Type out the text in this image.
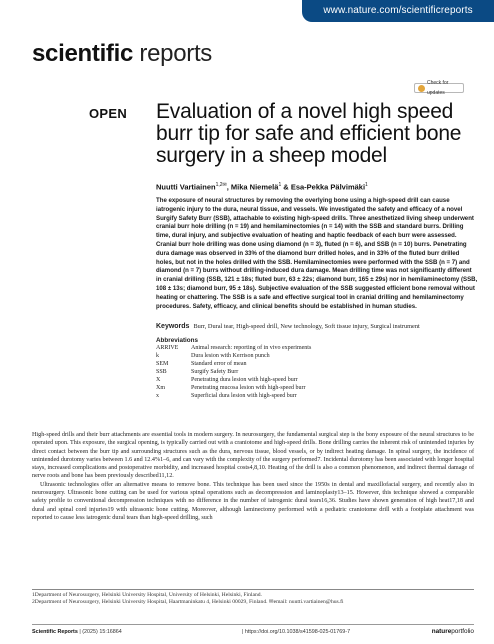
www.nature.com/scientificreports
scientific reports
Check for updates
OPEN Evaluation of a novel high speed burr tip for safe and efficient bone surgery in a sheep model
Nuutti Vartiainen$^{1,2✉}$, Mika Niemelä$^1$ & Esa-Pekka Pälvimäki$^1$

The exposure of neural structures by removing the overlying bone using a high-speed drill can cause iatrogenic injury to the dura, neural tissue, and vessels. We investigated the safety and efficacy of a novel Surgify Safety Burr (SSB), attachable to existing high-speed drills. Three anesthetized living sheep underwent cranial burr hole drilling (n = 19) and hemilaminectomies (n = 14) with the SSB and standard burrs. Drilling time, dural injury, and subjective evaluation of heating and haptic feedback of each burr were assessed. Cranial burr hole drilling was done using diamond (n = 3), fluted (n = 6), and SSB (n = 10) burrs. Penetrating dura damage was observed in 33% of the diamond burr drilled holes, and in 33% of the fluted burr drilled holes, but not in the holes drilled with the SSB. Hemilaminectomies were performed with the SSB (n = 7) and diamond (n = 7) burrs without drilling-induced dura damage. Mean drilling time was not significantly different in cranial drilling (SSB, 121 ± 18s; fluted burr, 63 ± 22s; diamond burr, 165 ± 29s) nor in hemilaminectomy (SSB, 108 ± 13s; diamond burr, 95 ± 18s). Subjective evaluation of the SSB suggested efficient bone removal without heating or chattering. The SSB is a safe and effective surgical tool in cranial drilling and hemilaminectomy procedures. Safety, efficacy, and clinical benefits should be established in human studies.

Keywords Burr, Dural tear, High-speed drill, New technology, Soft tissue injury, Surgical instrument
Abbreviations
ARRIVE	Animal research: reporting of in vivo experiments
k	Dura lesion with Kerrison punch
SEM	Standard error of mean
SSB	Surgify Safety Burr
X	Penetrating dura lesion with high-speed burr
Xm	Penetrating mucosa lesion with high-speed burr
x	Superficial dura lesion with high-speed burr

High-speed drills and their burr attachments are essential tools in modern surgery. In neurosurgery, the fundamental surgical step is the bony exposure of the neural structures to be operated upon. This exposure, the surgical opening, is typically carried out with a craniotome and high-speed drills. Bone drilling carries the inherent risk of unintended injuries by direct contact between the burr tip and surrounding structures such as the dura, nervous tissue, blood vessels, or by indirect heating damage. In spinal surgery, the incidence of unintended durotomy varies between 1.6 and 12.4%1–6, and can vary with the complexity of the surgery performed7. Incidental durotomy has been associated with longer hospital stays, increased complications and postoperative morbidity, and increased hospital costs4,8,10. Heating of the drill is also a common phenomenon, and indirect thermal damage of nerve roots and bone has been previously described11,12.

Ultrasonic technologies offer an alternative means to remove bone. This technique has been used since the 1950s in dental and maxillofacial surgery, and recently also in neurosurgery. Ultrasonic bone cutting can be used for various spinal operations such as decompression and laminoplasty13–15. However, this technique showed a comparable safety profile to conventional decompression techniques with no difference in the number of iatrogenic dural tears16,36. Studies have shown generation of high heat17,18 and dural and spinal cord injuries19 with ultrasonic bone cutting. Moreover, although laminectomy performed with a pediatric craniotome drill with a footplate attachment was reported to cause less iatrogenic dural tears than high-speed drilling, such

1Department of Neurosurgery, Helsinki University Hospital, University of Helsinki, Helsinki, Finland.
2Department of Neurosurgery, Helsinki University Hospital, Haartmaninkatu 4, Helsinki 00029, Finland. ✉email: nuutti.vartiainen@hus.fi
Scientific Reports | (2025) 15:16864	| https://doi.org/10.1038/s41598-025-01769-7	natureportfolio
